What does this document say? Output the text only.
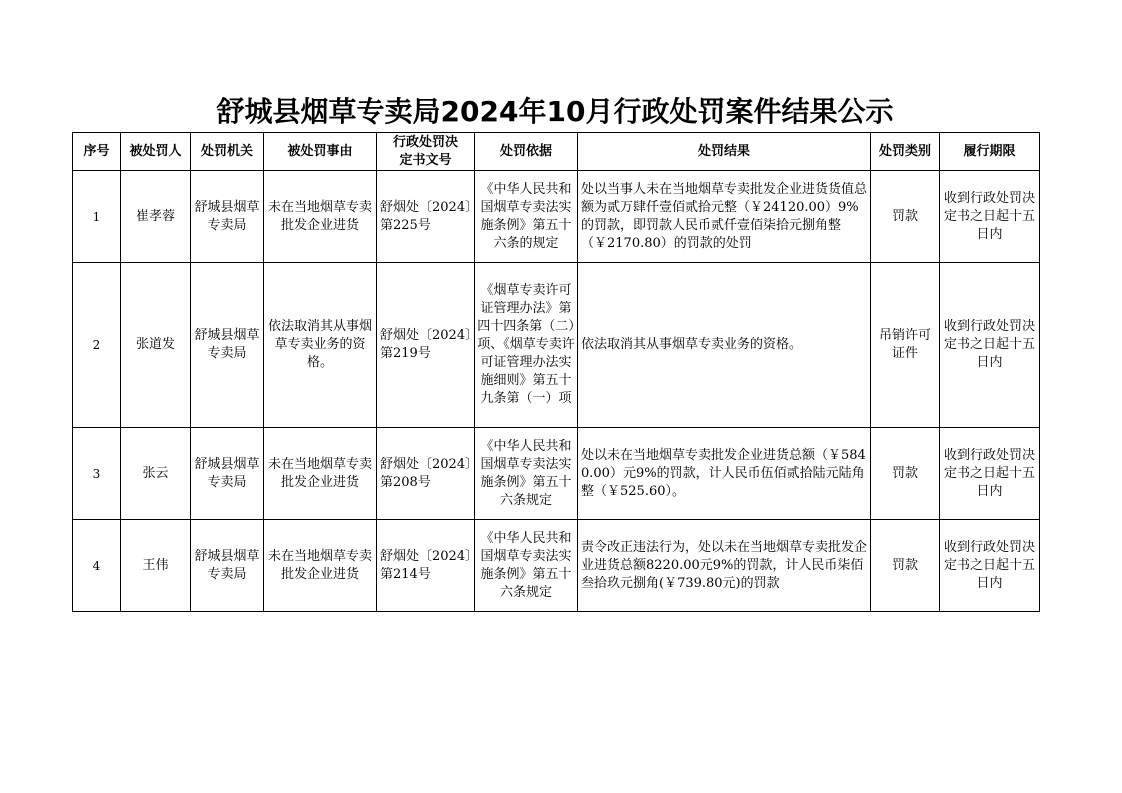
舒城县烟草专卖局2024年10月行政处罚案件结果公示
序号	被处罚人	处罚机关	被处罚事由	行政处罚决定书文号	处罚依据	处罚结果	处罚类别	履行期限
1	崔孝蓉	舒城县烟草专卖局	未在当地烟草专卖批发企业进货	舒烟处〔2024〕第225号	《中华人民共和国烟草专卖法实施条例》第五十六条的规定	处以当事人未在当地烟草专卖批发企业进货货值总额为贰万肆仟壹佰贰拾元整（￥24120.00）9%的罚款，即罚款人民币贰仟壹佰柒拾元捌角整（￥2170.80）的罚款的处罚	罚款	收到行政处罚决定书之日起十五日内
2	张道发	舒城县烟草专卖局	依法取消其从事烟草专卖业务的资格。	舒烟处〔2024〕第219号	《烟草专卖许可证管理办法》第四十四条第（二）项、《烟草专卖许可证管理办法实施细则》第五十九条第（一）项	依法取消其从事烟草专卖业务的资格。	吊销许可证件	收到行政处罚决定书之日起十五日内
3	张云	舒城县烟草专卖局	未在当地烟草专卖批发企业进货	舒烟处〔2024〕第208号	《中华人民共和国烟草专卖法实施条例》第五十六条规定	处以未在当地烟草专卖批发企业进货总额（￥5840.00）元9%的罚款，计人民币伍佰贰拾陆元陆角整（￥525.60）。	罚款	收到行政处罚决定书之日起十五日内
4	王伟	舒城县烟草专卖局	未在当地烟草专卖批发企业进货	舒烟处〔2024〕第214号	《中华人民共和国烟草专卖法实施条例》第五十六条规定	责令改正违法行为，处以未在当地烟草专卖批发企业进货总额8220.00元9%的罚款，计人民币柒佰叁拾玖元捌角(￥739.80元)的罚款	罚款	收到行政处罚决定书之日起十五日内
